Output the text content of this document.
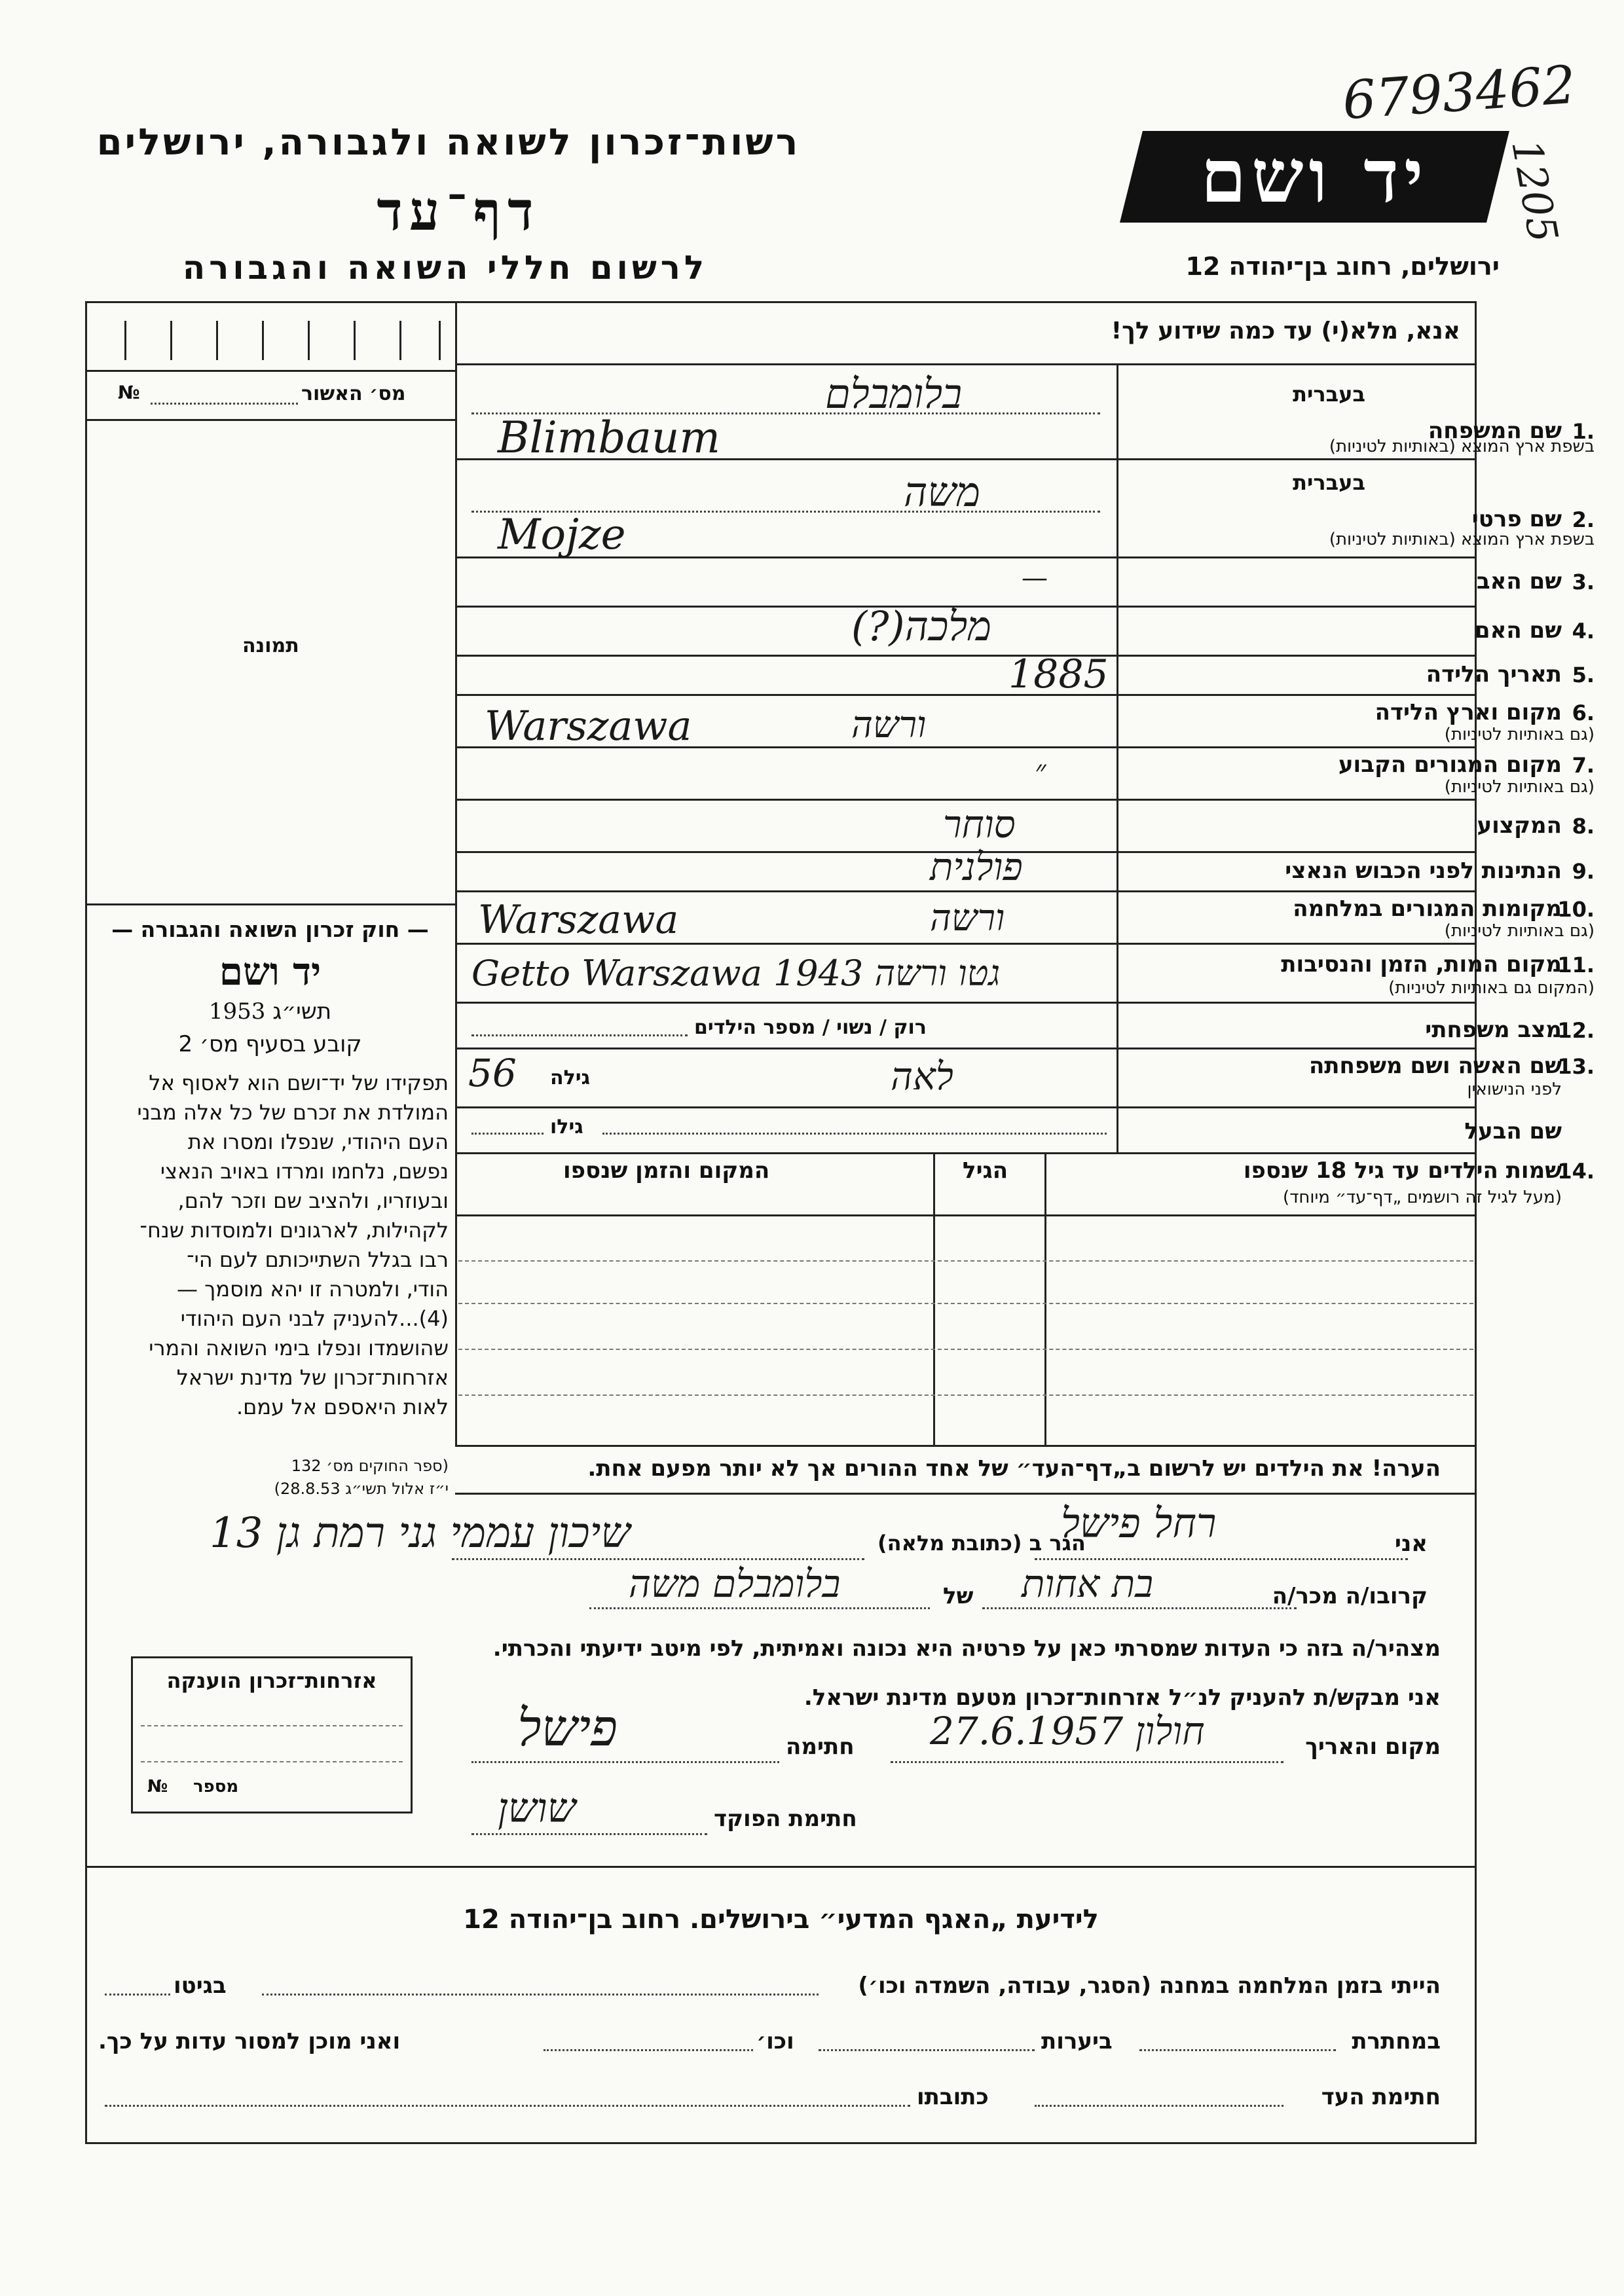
6793462
1205
רשות־זכרון לשואה ולגבורה, ירושלים
דף־עד
לרשום חללי השואה והגבורה
יד ושם
ירושלים, רחוב בן־יהודה 12
מס׳ האשור
№
תמונה
— חוק זכרון השואה והגבורה —
יד ושם
תשי״ג 1953
קובע בסעיף מס׳ 2
תפקידו של יד־ושם הוא לאסוף אל
המולדת את זכרם של כל אלה מבני
העם היהודי, שנפלו ומסרו את
נפשם, נלחמו ומרדו באויב הנאצי
ובעוזריו, ולהציב שם וזכר להם,
לקהילות, לארגונים ולמוסדות שנח־
רבו בגלל השתייכותם לעם הי־
הודי, ולמטרה זו יהא מוסמך —
(4)...להעניק לבני העם היהודי
שהושמדו ונפלו בימי השואה והמרי
אזרחות־זכרון של מדינת ישראל
לאות היאספם אל עמם.
(ספר החוקים מס׳ 132
י״ז אלול תשי״ג 28.8.53)
אנא, מלא(י) עד כמה שידוע לך!
1.
שם המשפחה
בעברית
בשפת ארץ המוצא (באותיות לטיניות)
בלומבלם
Blimbaum
2.
שם פרטי
בעברית
בשפת ארץ המוצא (באותיות לטיניות)
משה
Mojze
3.
שם האב
—
4.
שם האם
מלכה(?)
5.
תאריך הלידה
1885
6.
מקום וארץ הלידה
(גם באותיות לטיניות)
ורשה
Warszawa
7.
מקום המגורים הקבוע
(גם באותיות לטיניות)
״
8.
המקצוע
סוחר
9.
הנתינות לפני הכבוש הנאצי
פולנית
10.
מקומות המגורים במלחמה
(גם באותיות לטיניות)
ורשה
Warszawa
11.
מקום המות, הזמן והנסיבות
(המקום גם באותיות לטיניות)
גטו ורשה 1943 Getto Warszawa
12.
מצב משפחתי
רוק / נשוי / מספר הילדים
13.
שם האשה ושם משפחתה
לפני הנישואין
גילה
56	לאה
שם הבעל
גילו
14.
שמות הילדים עד גיל 18 שנספו
(מעל לגיל זה רושמים „דף־עד״ מיוחד)
הגיל
המקום והזמן שנספו
הערה! את הילדים יש לרשום ב„דף־העד״ של אחד ההורים אך לא יותר מפעם אחת.
אני
רחל פישל
הגר ב (כתובת מלאה)
שיכון עממי גני רמת גן 13
קרובו/ה מכר/ה
בת אחות
של
בלומבלם משה
מצהיר/ה בזה כי העדות שמסרתי כאן על פרטיה היא נכונה ואמיתית, לפי מיטב ידיעתי והכרתי.
אני מבקש/ת להעניק לנ״ל אזרחות־זכרון מטעם מדינת ישראל.
מקום והאריך
חולון 27.6.1957
חתימה
פישל
חתימת הפוקד
שושן
אזרחות־זכרון הוענקה
מספר
№
לידיעת „האגף המדעי״ בירושלים. רחוב בן־יהודה 12
הייתי בזמן המלחמה במחנה (הסגר, עבודה, השמדה וכו׳)
בגיטו
במחתרת
ביערות
וכו׳
ואני מוכן למסור עדות על כך.
חתימת העד
כתובתו
